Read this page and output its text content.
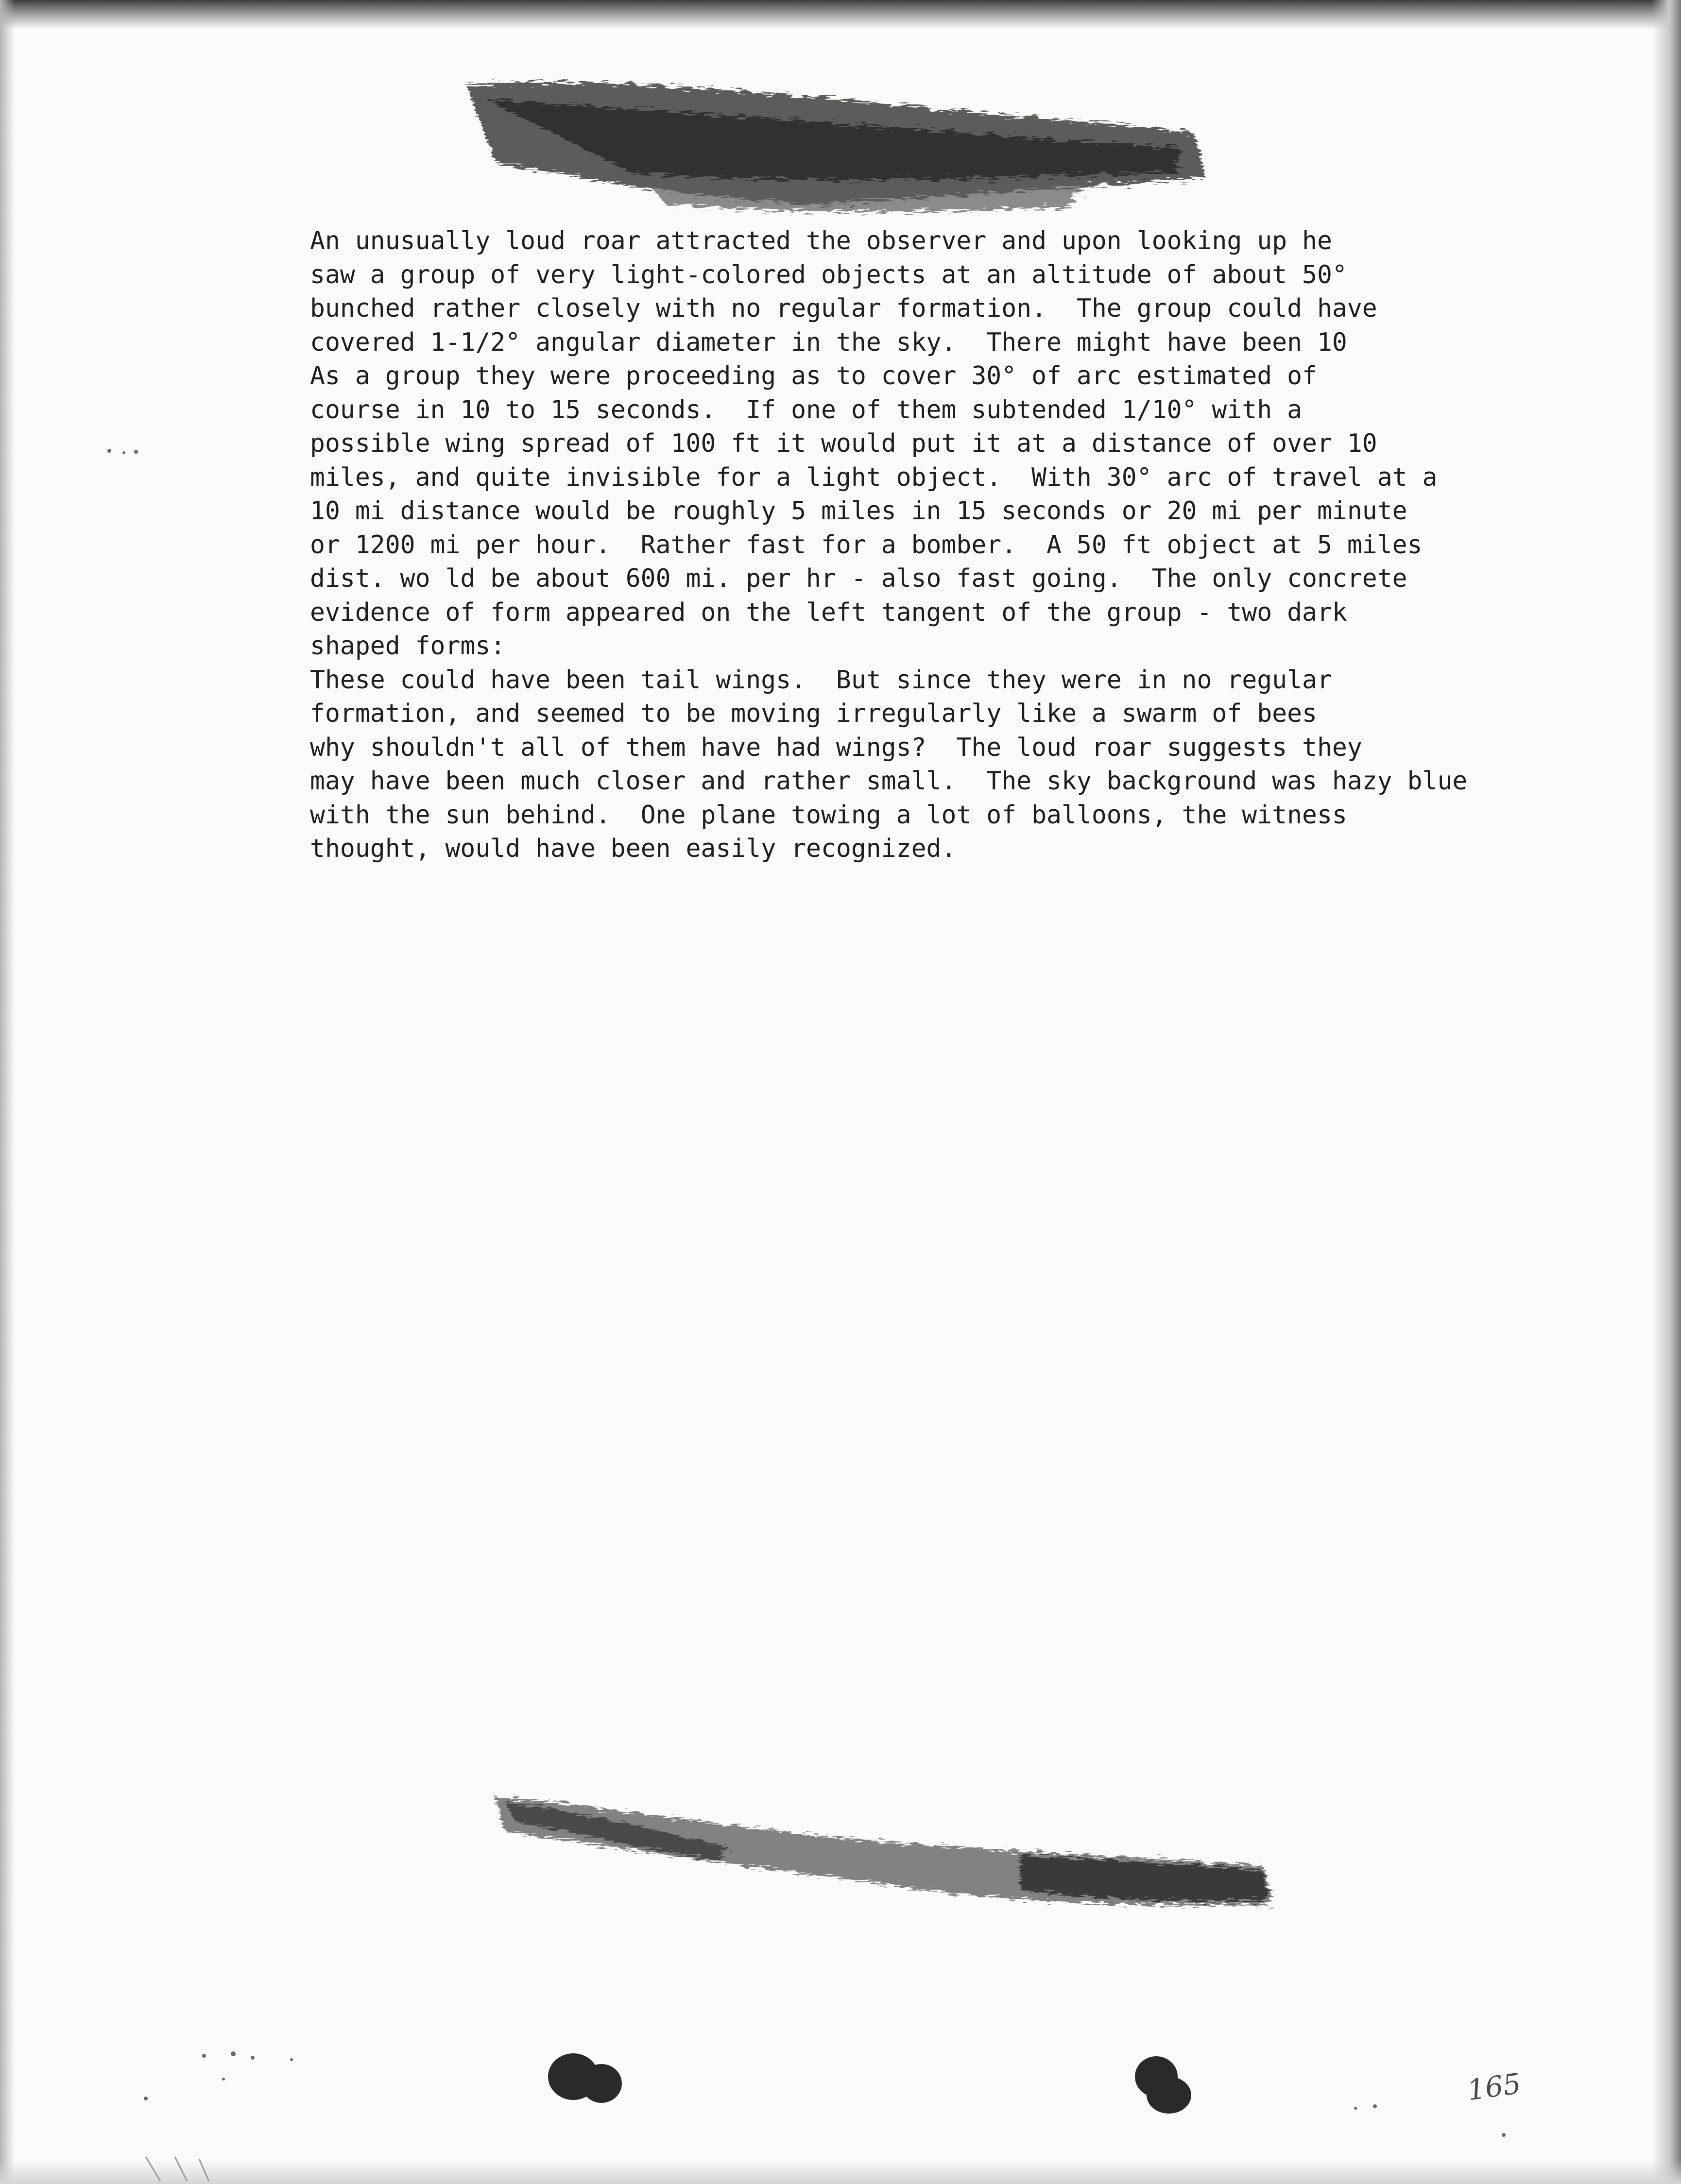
An unusually loud roar attracted the observer and upon looking up he
saw a group of very light-colored objects at an altitude of about 50°
bunched rather closely with no regular formation.  The group could have
covered 1-1/2° angular diameter in the sky.  There might have been 10
As a group they were proceeding as to cover 30° of arc estimated of
course in 10 to 15 seconds.  If one of them subtended 1/10° with a
possible wing spread of 100 ft it would put it at a distance of over 10
miles, and quite invisible for a light object.  With 30° arc of travel at a
10 mi distance would be roughly 5 miles in 15 seconds or 20 mi per minute
or 1200 mi per hour.  Rather fast for a bomber.  A 50 ft object at 5 miles
dist. wo ld be about 600 mi. per hr - also fast going.  The only concrete
evidence of form appeared on the left tangent of the group - two dark
shaped forms:
These could have been tail wings.  But since they were in no regular
formation, and seemed to be moving irregularly like a swarm of bees
why shouldn't all of them have had wings?  The loud roar suggests they
may have been much closer and rather small.  The sky background was hazy blue
with the sun behind.  One plane towing a lot of balloons, the witness
thought, would have been easily recognized.
165
